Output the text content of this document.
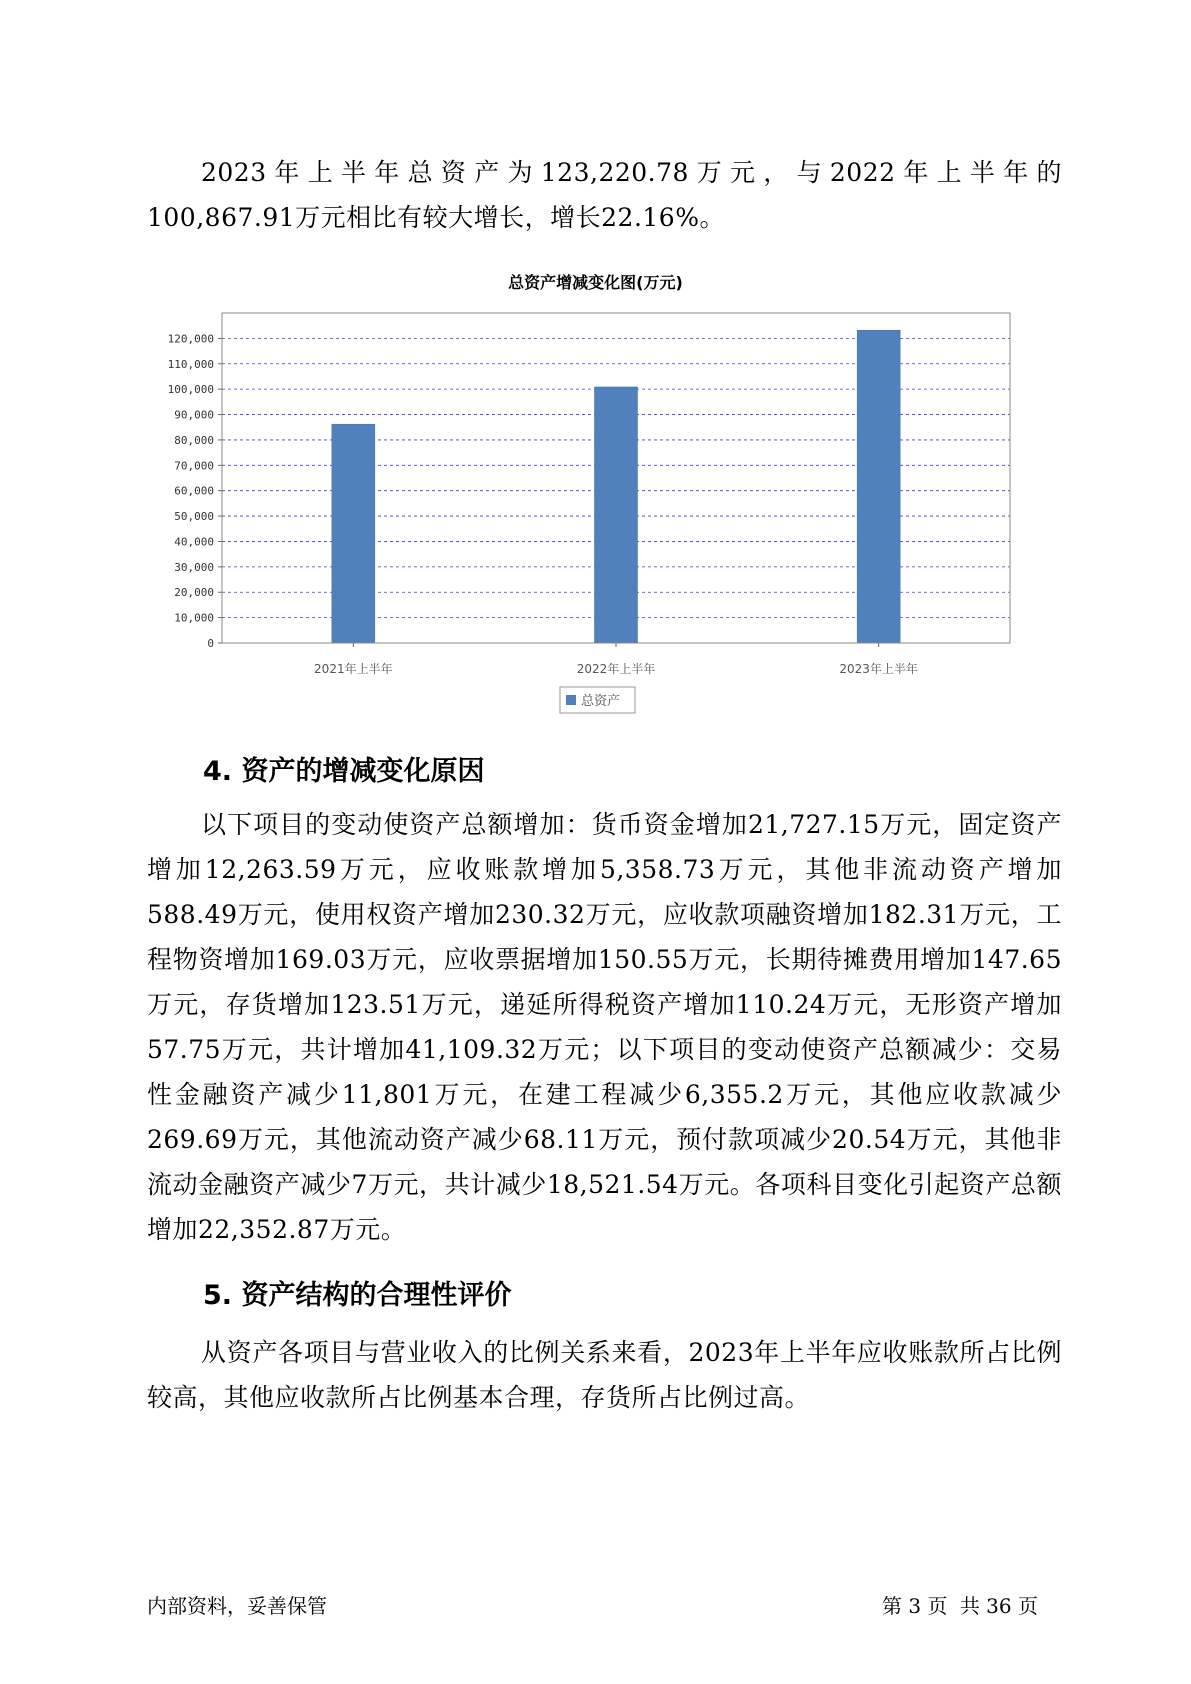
2023年上半年总资产为123,220.78万元，与2022年上半年的100,867.91万元相比有较大增长，增长22.16%。

总资产增减变化图(万元)
0
10,000
20,000
30,000
40,000
50,000
60,000
70,000
80,000
90,000
100,000
110,000
120,000
2021年上半年	2022年上半年	2023年上半年
总资产
4. 资产的增减变化原因

以下项目的变动使资产总额增加：货币资金增加21,727.15万元，固定资产增加12,263.59万元，应收账款增加5,358.73万元，其他非流动资产增加588.49万元，使用权资产增加230.32万元，应收款项融资增加182.31万元，工程物资增加169.03万元，应收票据增加150.55万元，长期待摊费用增加147.65万元，存货增加123.51万元，递延所得税资产增加110.24万元，无形资产增加57.75万元，共计增加41,109.32万元；以下项目的变动使资产总额减少：交易性金融资产减少11,801万元，在建工程减少6,355.2万元，其他应收款减少269.69万元，其他流动资产减少68.11万元，预付款项减少20.54万元，其他非流动金融资产减少7万元，共计减少18,521.54万元。各项科目变化引起资产总额增加22,352.87万元。

5. 资产结构的合理性评价

从资产各项目与营业收入的比例关系来看，2023年上半年应收账款所占比例较高，其他应收款所占比例基本合理，存货所占比例过高。

内部资料，妥善保管	第 3 页 共 36 页
